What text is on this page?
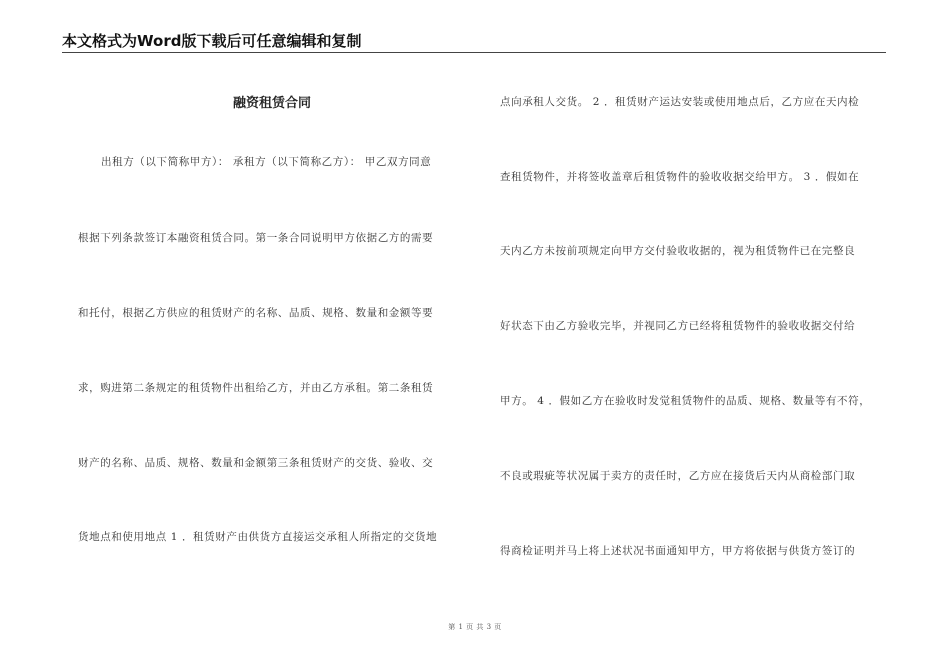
本文格式为Word版下载后可任意编辑和复制
融资租赁合同
出租方（以下简称甲方）： 承租方（以下简称乙方）： 甲乙双方同意
根据下列条款签订本融资租赁合同。第一条合同说明甲方依据乙方的需要
和托付，根据乙方供应的租赁财产的名称、品质、规格、数量和金额等要
求，购进第二条规定的租赁物件出租给乙方，并由乙方承租。第二条租赁
财产的名称、品质、规格、数量和金额第三条租赁财产的交货、验收、交
货地点和使用地点 1 ．租赁财产由供货方直接运交承租人所指定的交货地
点向承租人交货。 2 ．租赁财产运达安装或使用地点后，乙方应在天内检
查租赁物件，并将签收盖章后租赁物件的验收收据交给甲方。 3 ．假如在
天内乙方未按前项规定向甲方交付验收收据的，视为租赁物件已在完整良
好状态下由乙方验收完毕，并视同乙方已经将租赁物件的验收收据交付给
甲方。 4 ．假如乙方在验收时发觉租赁物件的品质、规格、数量等有不符，
不良或瑕疵等状况属于卖方的责任时，乙方应在接货后天内从商检部门取
得商检证明并马上将上述状况书面通知甲方，甲方将依据与供货方签订的
第 1 页 共 3 页
